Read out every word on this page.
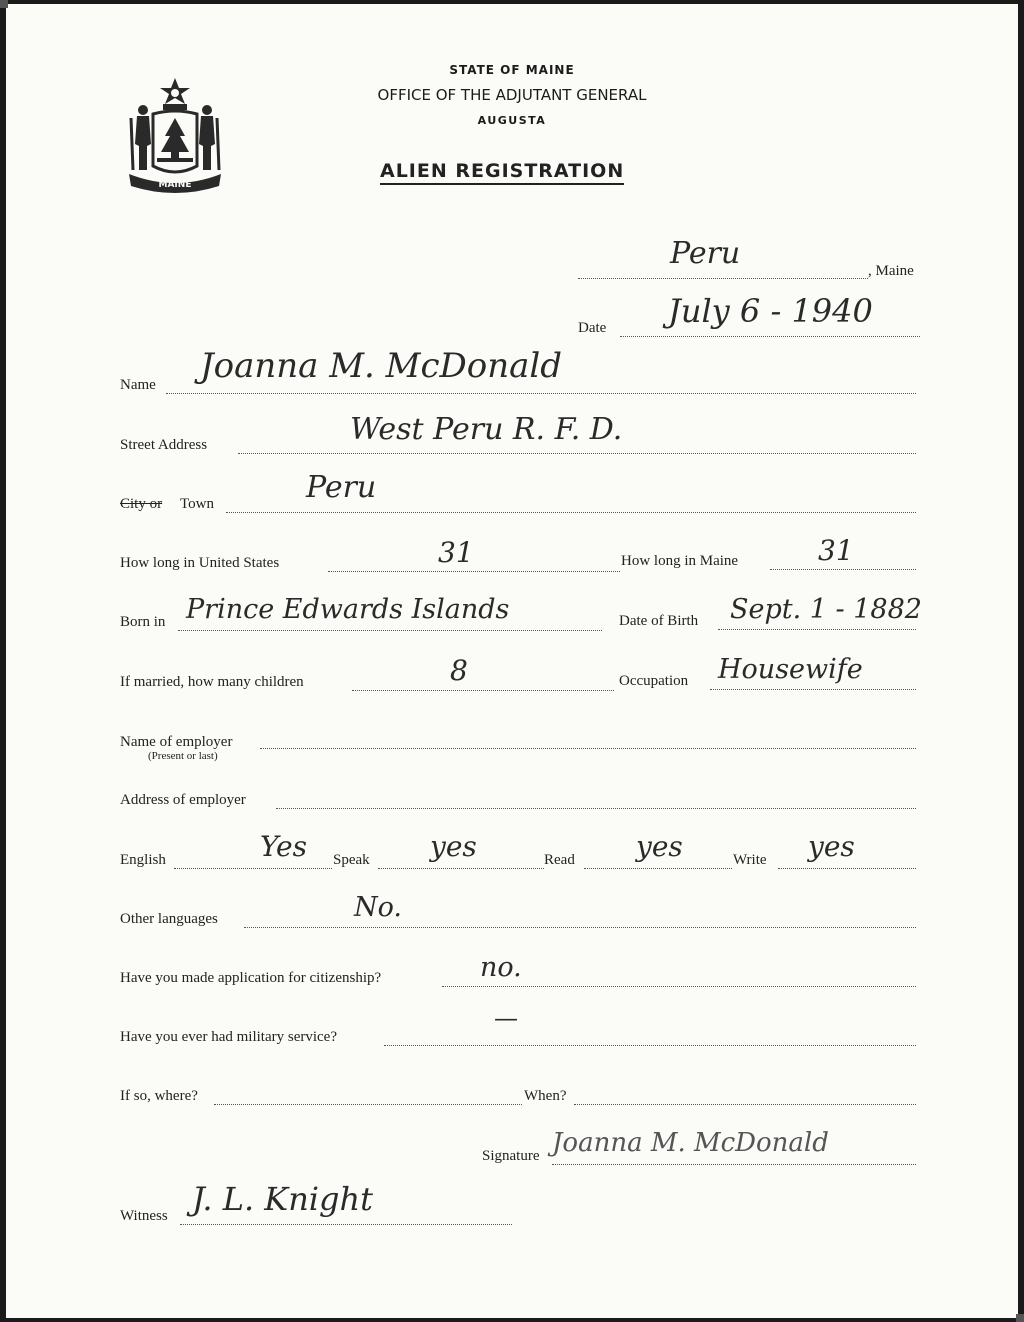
MAINE
STATE OF MAINE
OFFICE OF THE ADJUTANT GENERAL
AUGUSTA
ALIEN REGISTRATION
Peru	, Maine
Date July 6 - 1940
Name Joanna M. McDonald
Street Address	West Peru R. F. D.
City or Town	Peru
How long in United States	31	How long in Maine	31
Born in Prince Edwards Islands	Date of Birth Sept. 1 - 1882
If married, how many children	8	Occupation Housewife
Name of employer
(Present or last)
Address of employer
English	Yes Speak yes	Read yes	Write yes
Other languages	No.
Have you made application for citizenship?	no.
Have you ever had military service?
—
If so, where?	When?
Signature Joanna M. McDonald
Witness J. L. Knight
